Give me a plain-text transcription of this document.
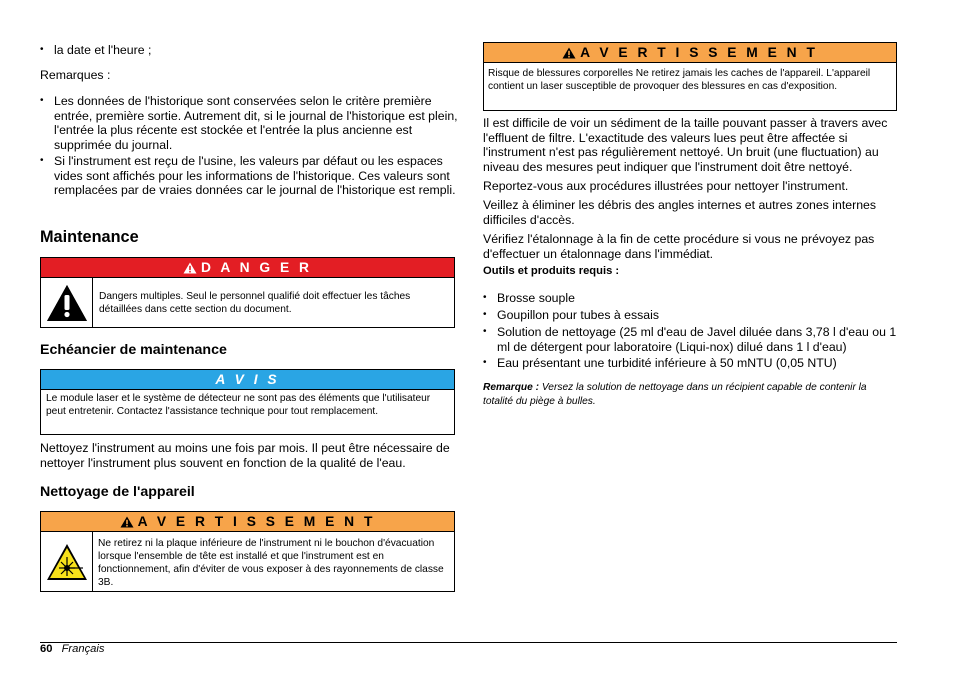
• la date et l'heure ;
Remarques :
• Les données de l'historique sont conservées selon le critère première entrée, première sortie. Autrement dit, si le journal de l'historique est plein, l'entrée la plus récente est stockée et l'entrée la plus ancienne est supprimée du journal.
• Si l'instrument est reçu de l'usine, les valeurs par défaut ou les espaces vides sont affichés pour les informations de l'historique. Ces valeurs sont remplacées par de vraies données car le journal de l'historique est rempli.
Maintenance
D A N G E R
Dangers multiples. Seul le personnel qualifié doit effectuer les tâches détaillées dans cette section du document.
Echéancier de maintenance
A V I S
Le module laser et le système de détecteur ne sont pas des éléments que l'utilisateur peut entretenir. Contactez l'assistance technique pour tout remplacement.
Nettoyez l'instrument au moins une fois par mois. Il peut être nécessaire de nettoyer l'instrument plus souvent en fonction de la qualité de l'eau.
Nettoyage de l'appareil
A V E R T I S S E M E N T
Ne retirez ni la plaque inférieure de l'instrument ni le bouchon d'évacuation lorsque l'ensemble de tête est installé et que l'instrument est en fonctionnement, afin d'éviter de vous exposer à des rayonnements de classe 3B.
A V E R T I S S E M E N T
Risque de blessures corporelles Ne retirez jamais les caches de l'appareil. L'appareil contient un laser susceptible de provoquer des blessures en cas d'exposition.
Il est difficile de voir un sédiment de la taille pouvant passer à travers avec l'effluent de filtre. L'exactitude des valeurs lues peut être affectée si l'instrument n'est pas régulièrement nettoyé. Un bruit (une fluctuation) au niveau des mesures peut indiquer que l'instrument doit être nettoyé.
Reportez-vous aux procédures illustrées pour nettoyer l'instrument.
Veillez à éliminer les débris des angles internes et autres zones internes difficiles d'accès.
Vérifiez l'étalonnage à la fin de cette procédure si vous ne prévoyez pas d'effectuer un étalonnage dans l'immédiat.
Outils et produits requis :
• Brosse souple
• Goupillon pour tubes à essais
• Solution de nettoyage (25 ml d'eau de Javel diluée dans 3,78 l d'eau ou 1 ml de détergent pour laboratoire (Liqui-nox) dilué dans 1 l d'eau)
• Eau présentant une turbidité inférieure à 50 mNTU (0,05 NTU)
Remarque : Versez la solution de nettoyage dans un récipient capable de contenir la totalité du piège à bulles.
60 Français
